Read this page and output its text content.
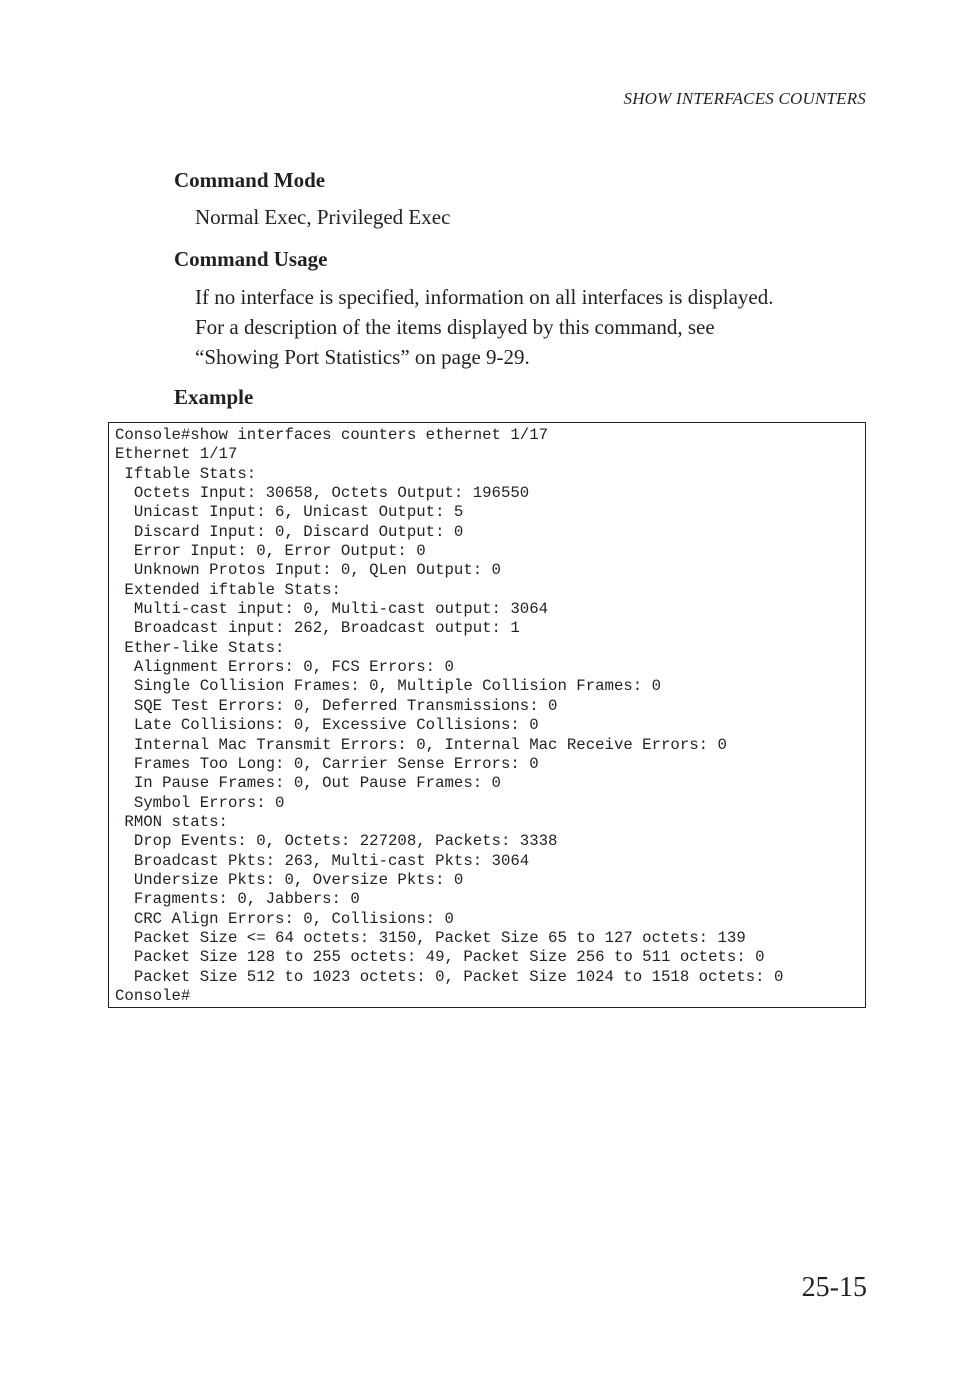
SHOW INTERFACES COUNTERS
Command Mode
Normal Exec, Privileged Exec
Command Usage
If no interface is specified, information on all interfaces is displayed.
For a description of the items displayed by this command, see
“Showing Port Statistics” on page 9-29.
Example
Console#show interfaces counters ethernet 1/17
Ethernet 1/17
Iftable Stats:
Octets Input: 30658, Octets Output: 196550
Unicast Input: 6, Unicast Output: 5
Discard Input: 0, Discard Output: 0
Error Input: 0, Error Output: 0
Unknown Protos Input: 0, QLen Output: 0
Extended iftable Stats:
Multi-cast input: 0, Multi-cast output: 3064
Broadcast input: 262, Broadcast output: 1
Ether-like Stats:
Alignment Errors: 0, FCS Errors: 0
Single Collision Frames: 0, Multiple Collision Frames: 0
SQE Test Errors: 0, Deferred Transmissions: 0
Late Collisions: 0, Excessive Collisions: 0
Internal Mac Transmit Errors: 0, Internal Mac Receive Errors: 0
Frames Too Long: 0, Carrier Sense Errors: 0
In Pause Frames: 0, Out Pause Frames: 0
Symbol Errors: 0
RMON stats:
Drop Events: 0, Octets: 227208, Packets: 3338
Broadcast Pkts: 263, Multi-cast Pkts: 3064
Undersize Pkts: 0, Oversize Pkts: 0
Fragments: 0, Jabbers: 0
CRC Align Errors: 0, Collisions: 0
Packet Size <= 64 octets: 3150, Packet Size 65 to 127 octets: 139
Packet Size 128 to 255 octets: 49, Packet Size 256 to 511 octets: 0
Packet Size 512 to 1023 octets: 0, Packet Size 1024 to 1518 octets: 0
Console#
25-15
